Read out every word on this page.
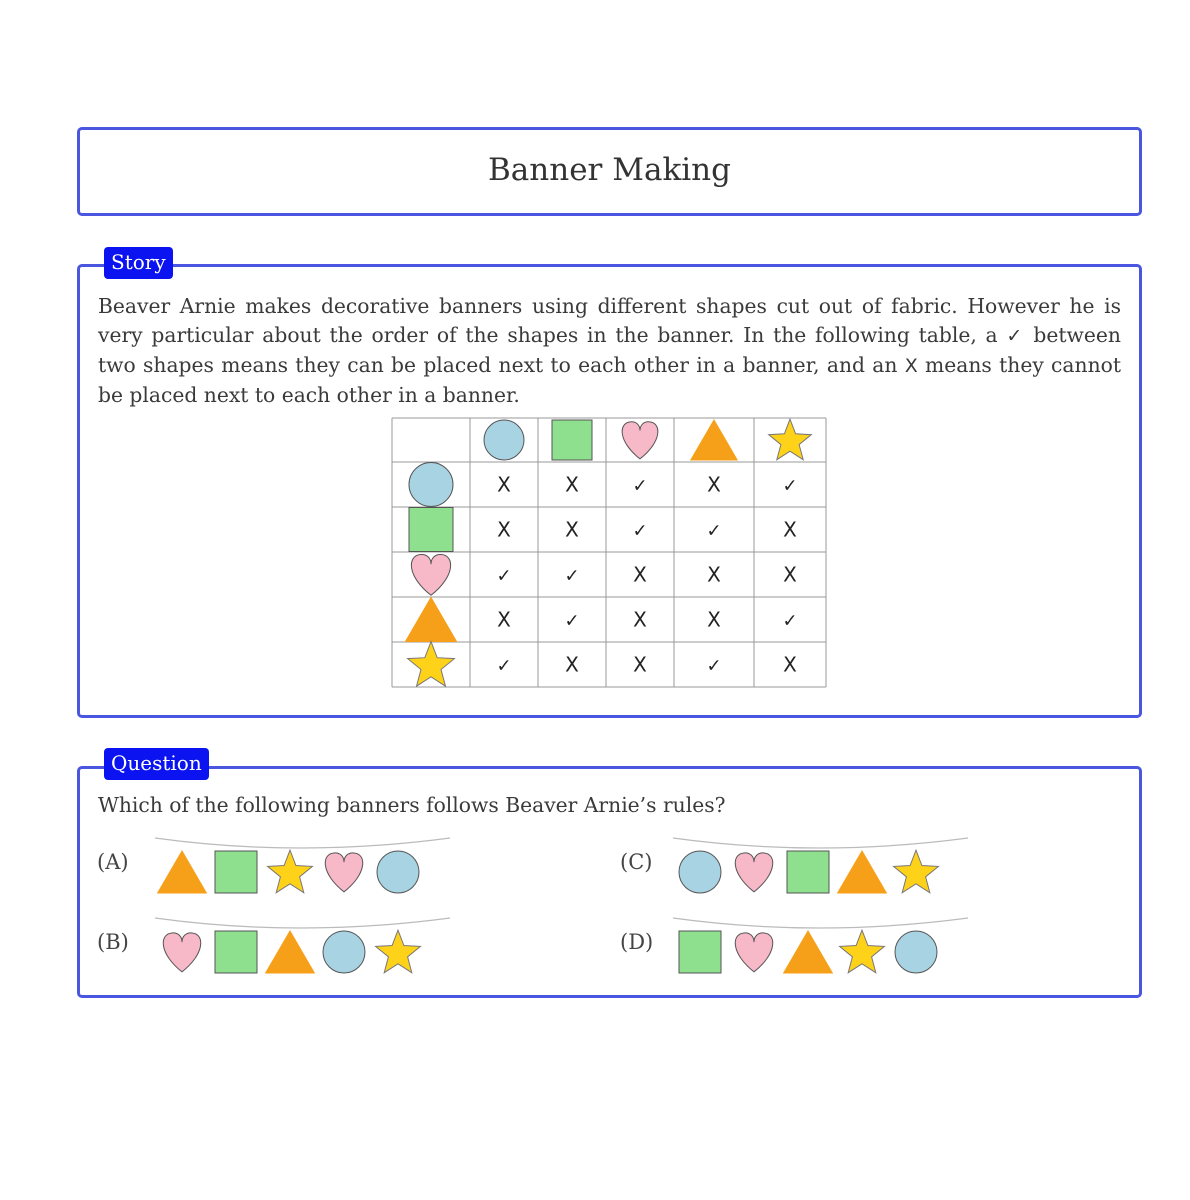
Banner Making
Beaver Arnie makes decorative banners using different shapes cut out of fabric. However he is very particular about the order of the shapes in the banner. In the following table, a ✓ between two shapes means they can be placed next to each other in a banner, and an X means they cannot be placed next to each other in a banner.
Story
X	X	✓	X	✓
X	X	✓	✓	X
✓	✓	X	X	X
X	✓	X	X	✓
✓	X	X	✓	X
Which of the following banners follows Beaver Arnie’s rules?
Question
(A)
(B)
(C)
(D)
